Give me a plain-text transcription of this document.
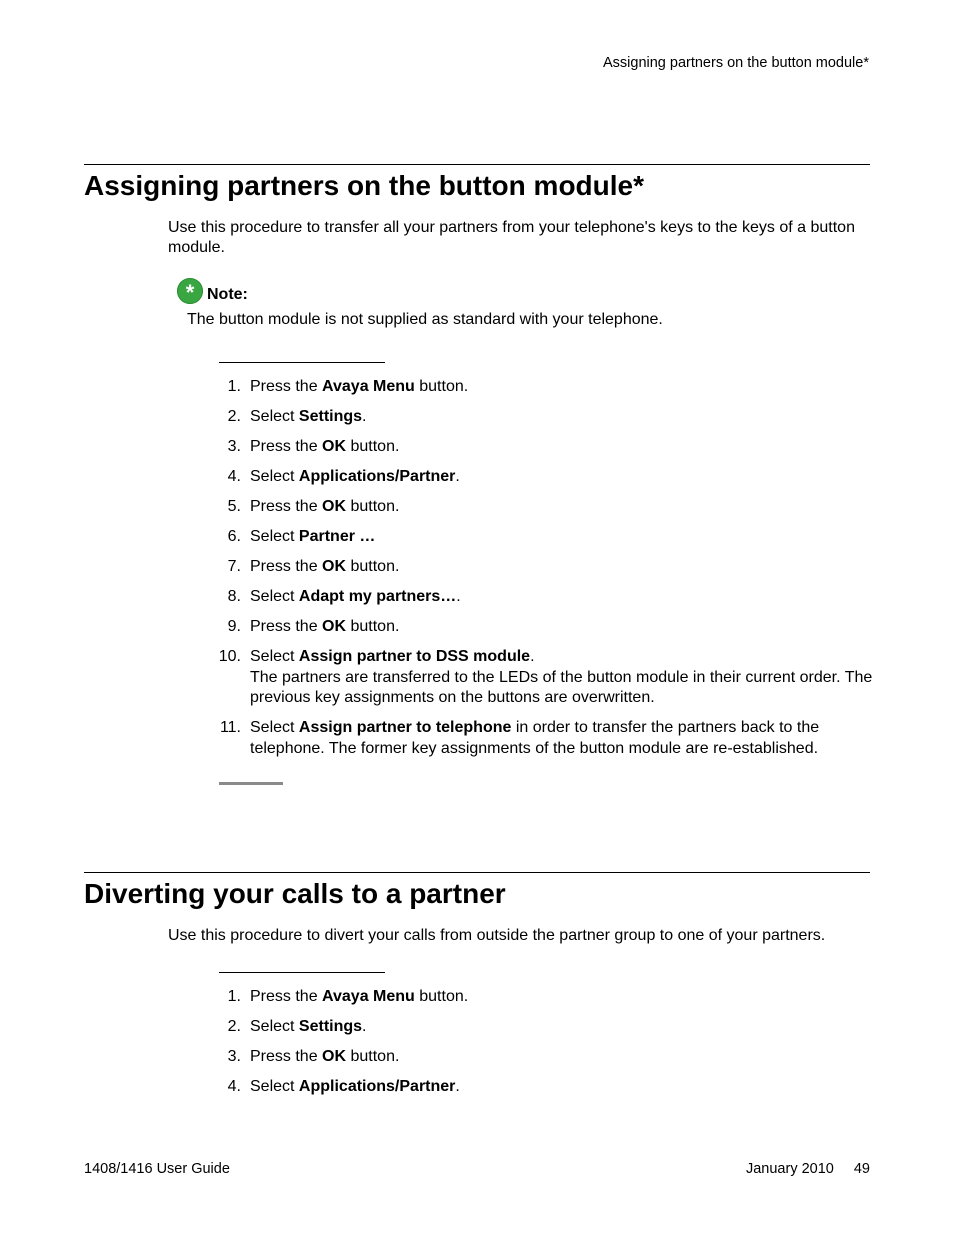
Assigning partners on the button module*
Assigning partners on the button module*

Use this procedure to transfer all your partners from your telephone's keys to the keys of a button module.

* Note:

The button module is not supplied as standard with your telephone.

1. Press the Avaya Menu button.
2. Select Settings.
3. Press the OK button.
4. Select Applications/Partner.
5. Press the OK button.
6. Select Partner …
7. Press the OK button.
8. Select Adapt my partners….
9. Press the OK button.
10. Select Assign partner to DSS module.
The partners are transferred to the LEDs of the button module in their current order. The previous key assignments on the buttons are overwritten.
11. Select Assign partner to telephone in order to transfer the partners back to the telephone. The former key assignments of the button module are re-established.
Diverting your calls to a partner

Use this procedure to divert your calls from outside the partner group to one of your partners.

1. Press the Avaya Menu button.
2. Select Settings.
3. Press the OK button.
4. Select Applications/Partner.
1408/1416 User Guide	January 2010 49
